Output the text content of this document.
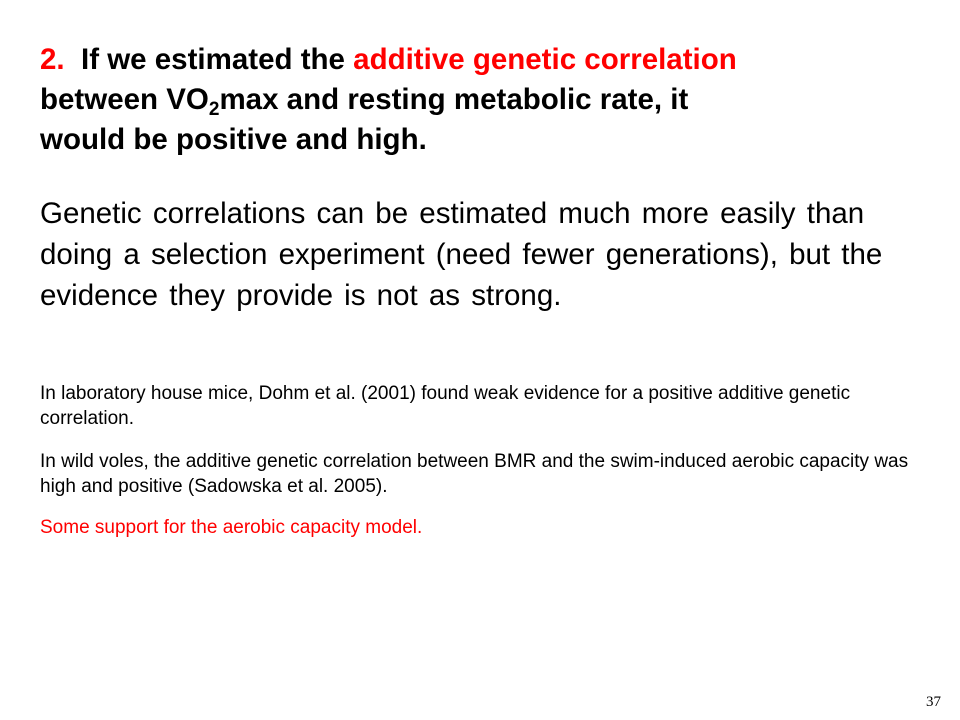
2. If we estimated the additive genetic correlation
between $VO_2\max$ and resting metabolic rate, it
would be positive and high.

Genetic correlations can be estimated much more easily than doing a selection experiment (need fewer generations), but the evidence they provide is not as strong.

In laboratory house mice, Dohm et al. (2001) found weak evidence for a positive additive genetic correlation.

In wild voles, the additive genetic correlation between BMR and the swim-induced aerobic capacity was high and positive (Sadowska et al. 2005).

Some support for the aerobic capacity model.

37
